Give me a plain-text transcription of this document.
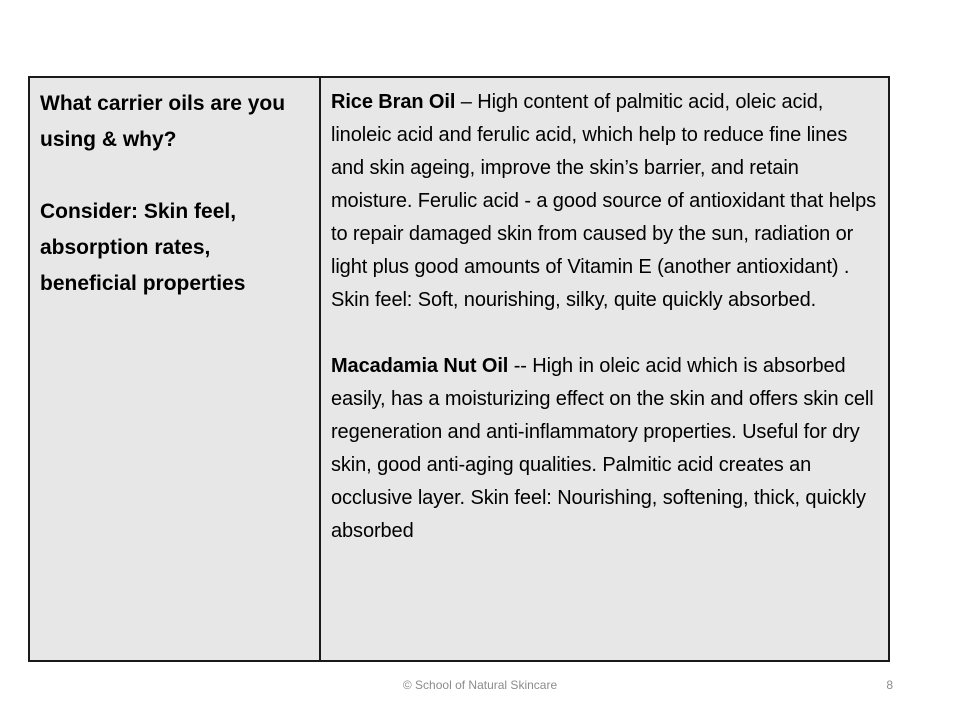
What carrier oils are you using & why?

Consider: Skin feel, absorption rates, beneficial properties

Rice Bran Oil – High content of palmitic acid, oleic acid, linoleic acid and ferulic acid, which help to reduce fine lines and skin ageing, improve the skin’s barrier, and retain moisture. Ferulic acid - a good source of antioxidant that helps to repair damaged skin from caused by the sun, radiation or light plus good amounts of Vitamin E (another antioxidant) . Skin feel: Soft, nourishing, silky, quite quickly absorbed.

Macadamia Nut Oil -- High in oleic acid which is absorbed easily, has a moisturizing effect on the skin and offers skin cell regeneration and anti-inflammatory properties. Useful for dry skin, good anti-aging qualities. Palmitic acid creates an occlusive layer. Skin feel: Nourishing, softening, thick, quickly absorbed

© School of Natural Skincare	8
